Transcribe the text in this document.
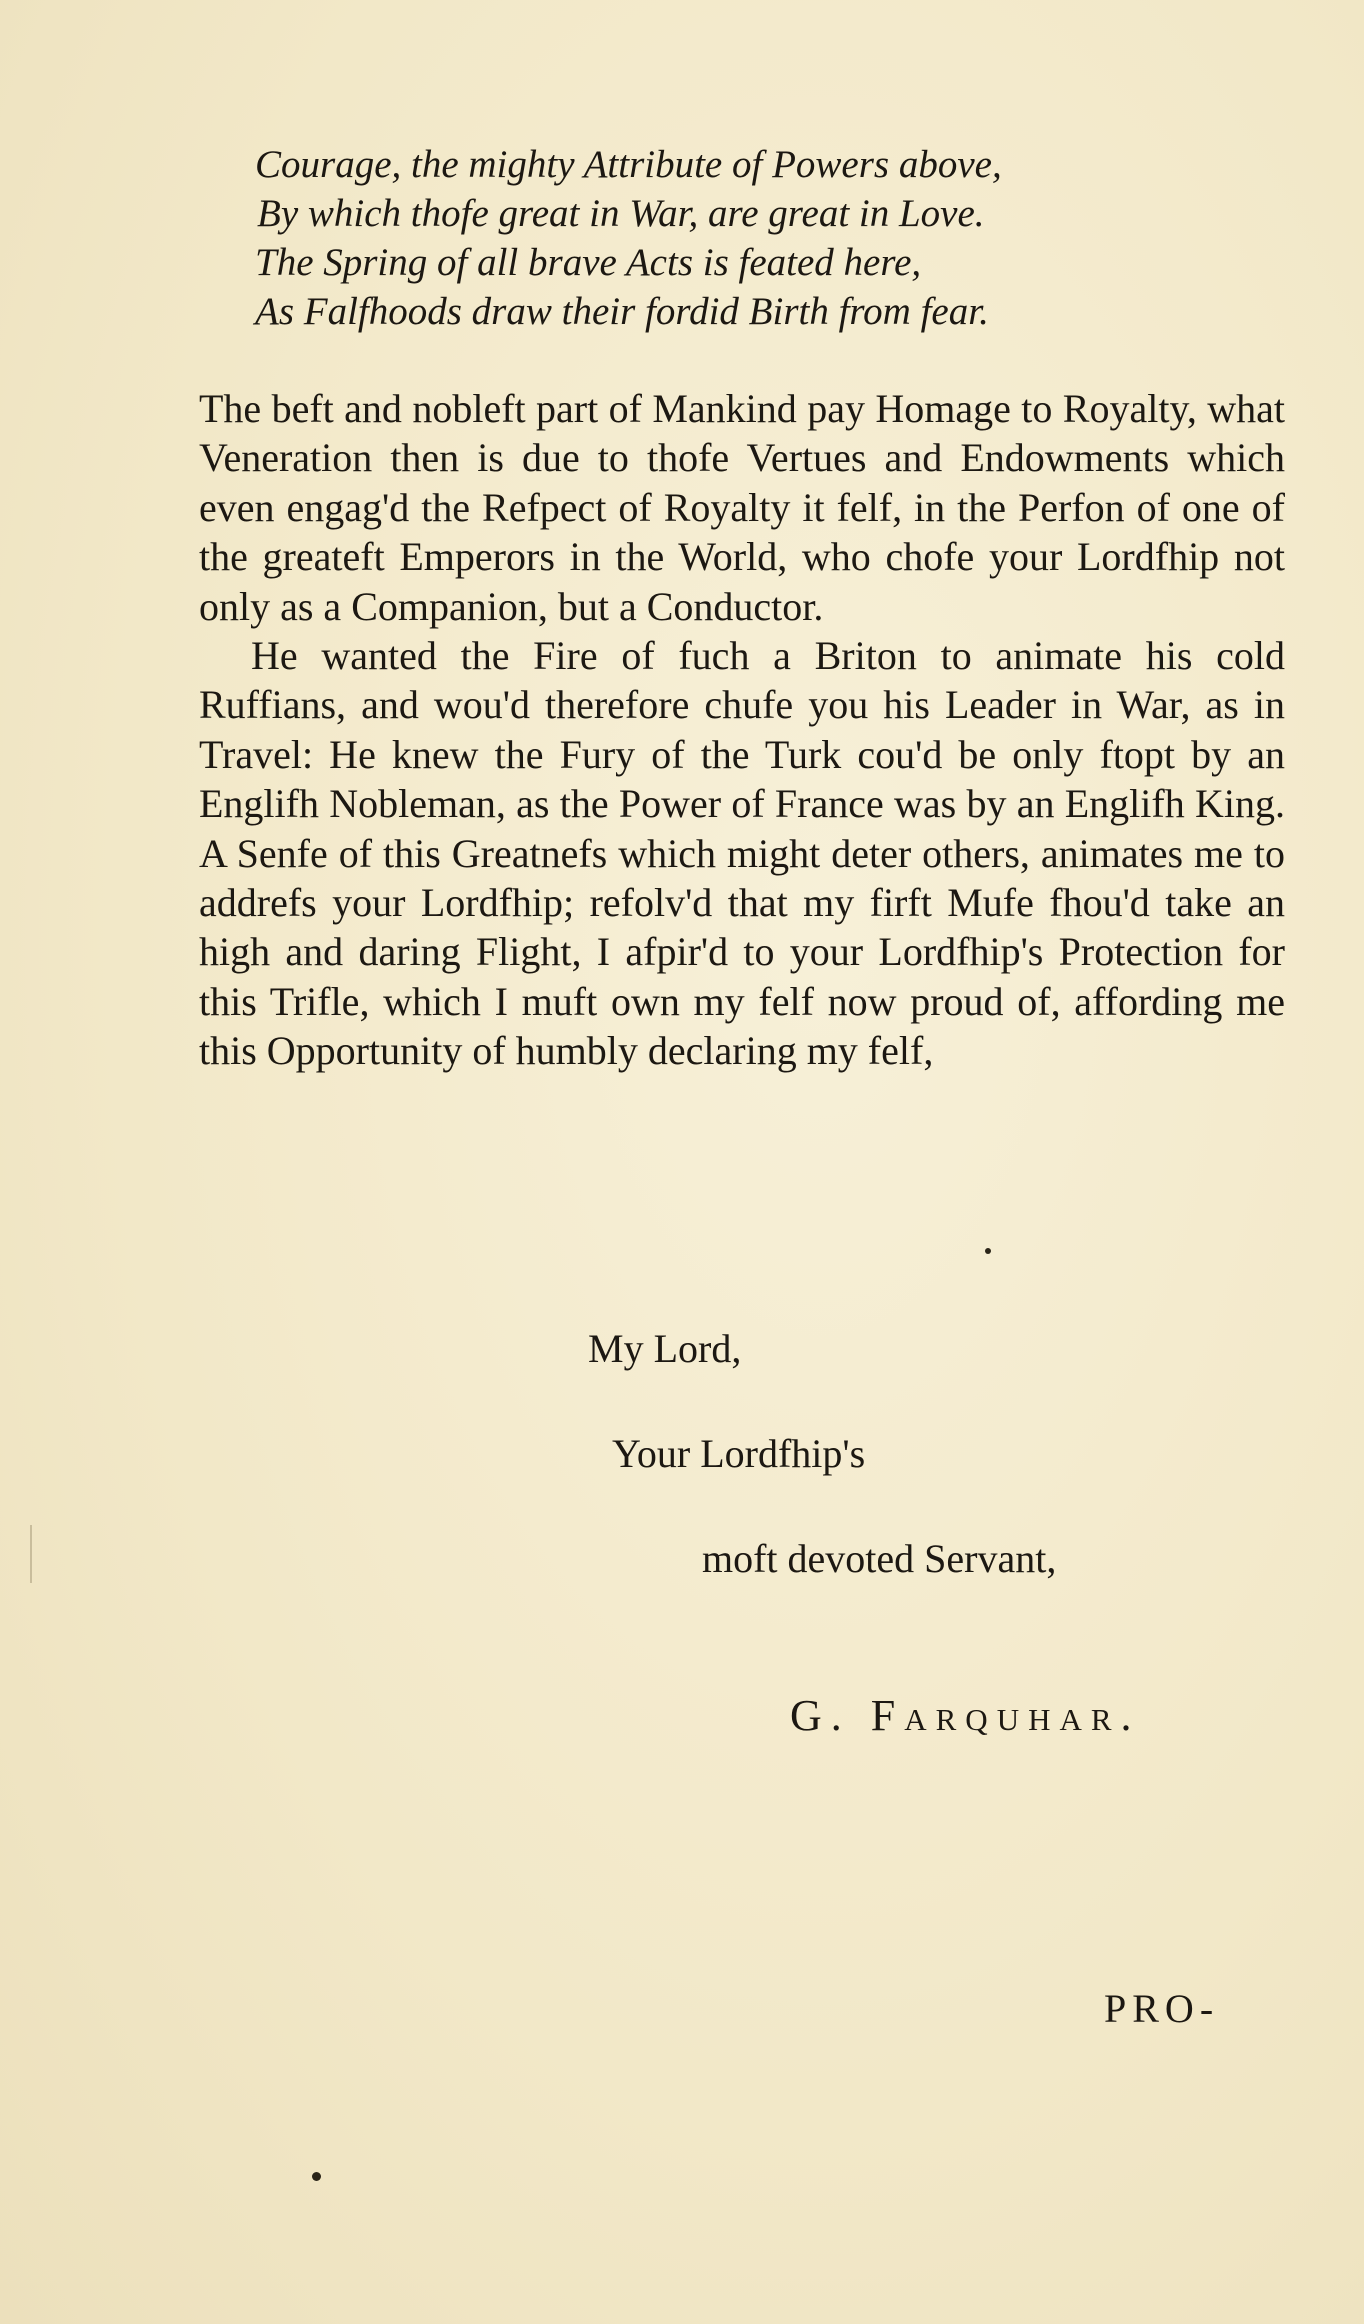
Courage, the mighty Attribute of Powers above,
By which thofe great in War, are great in Love.
The Spring of all brave Acts is feated here,
As Falfhoods draw their fordid Birth from fear.

The beft and nobleft part of Mankind pay Homage to Royalty, what Veneration then is due to thofe Vertues and Endowments which even engag'd the Refpect of Royalty it felf, in the Perfon of one of the greateft Emperors in the World, who chofe your Lordfhip not only as a Companion, but a Conductor.

He wanted the Fire of fuch a Briton to animate his cold Ruffians, and wou'd therefore chufe you his Leader in War, as in Travel: He knew the Fury of the Turk cou'd be only ftopt by an Englifh Nobleman, as the Power of France was by an Englifh King. A Senfe of this Greatnefs which might deter others, animates me to addrefs your Lordfhip; refolv'd that my firft Mufe fhou'd take an high and daring Flight, I afpir'd to your Lordfhip's Protection for this Trifle, which I muft own my felf now proud of, affording me this Opportunity of humbly declaring my felf,

My Lord,
Your Lordfhip's
moft devoted Servant,
G. Farquhar.
PRO-
